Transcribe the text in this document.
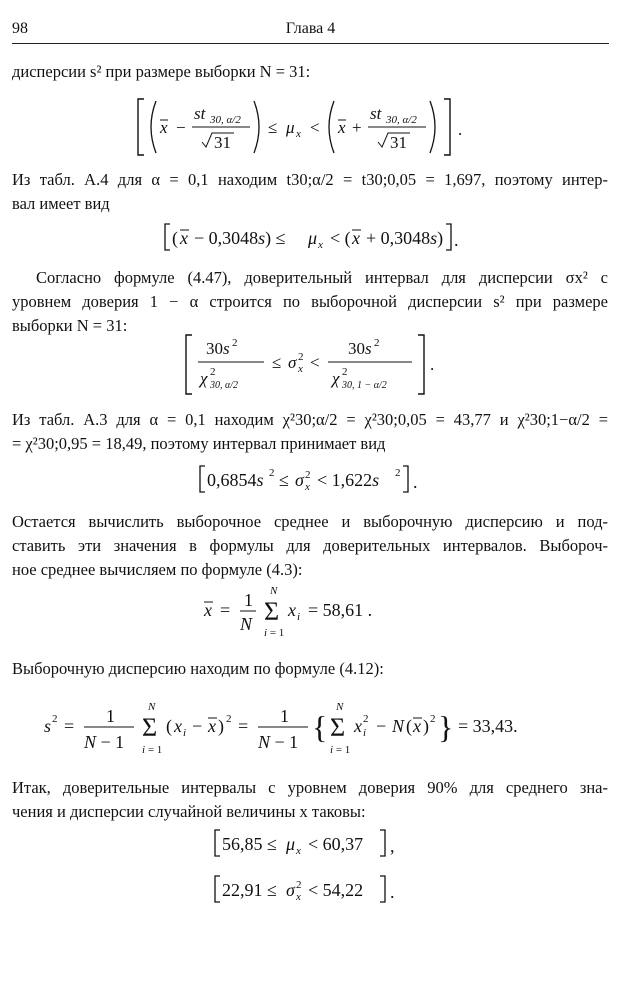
98	Глава 4
дисперсии s² при размере выборки N = 31:
x −
st 30, α/2
31
≤ μ x < x +
st 30, α/2
31
.
Из табл. А.4 для α = 0,1 находим t30;α/2 = t30;0,05 = 1,697, поэтому интер-
вал имеет вид
( x − 0,3048s) ≤ μ x < ( x + 0,3048s) .
Согласно формуле (4.47), доверительный интервал для дисперсии σx² с
уровнем доверия 1 − α строится по выборочной дисперсии s² при размере
выборки N = 31:
30s 2
χ 2
30, α/2
≤ σ 2
x <
30s 2
χ 2
30, 1 − α/2
.
Из табл. А.3 для α = 0,1 находим χ²30;α/2 = χ²30;0,05 = 43,77 и χ²30;1−α/2 =
= χ²30;0,95 = 18,49, поэтому интервал принимает вид
0,6854s 2 ≤ σ 2
x < 1,622s 2 .
Остается вычислить выборочное среднее и выборочную дисперсию и под-
ставить эти значения в формулы для доверительных интервалов. Выбороч-
ное среднее вычисляем по формуле (4.3):
x = 1
N
N
Σ
i = 1
x i = 58,61 .
Выборочную дисперсию находим по формуле (4.12):
s 2 = 1
N − 1
N
Σ
i = 1
( x i − x ) 2 = 1
N − 1 {
N
Σ
i = 1
x 2
i − N ( x ) 2 } = 33,43.
Итак, доверительные интервалы с уровнем доверия 90% для среднего зна-
чения и дисперсии случайной величины x таковы:
56,85 ≤ μ x < 60,37 ,
22,91 ≤ σ 2
x < 54,22 .
